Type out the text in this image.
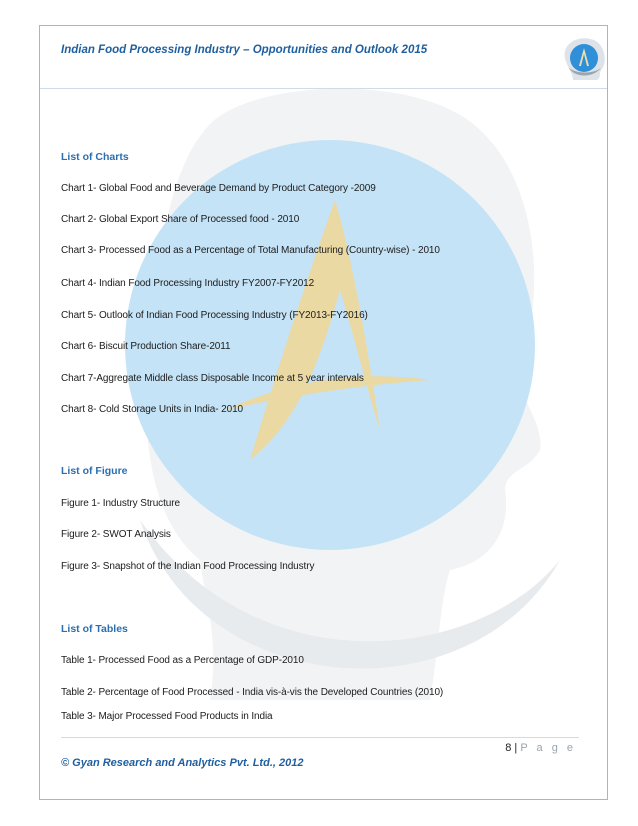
Indian Food Processing Industry – Opportunities and Outlook 2015
List of Charts
Chart 1- Global Food and Beverage Demand by Product Category -2009
Chart 2- Global Export Share of Processed food - 2010
Chart 3- Processed Food as a Percentage of Total Manufacturing (Country-wise) - 2010
Chart 4- Indian Food Processing Industry FY2007-FY2012
Chart 5- Outlook of Indian Food Processing Industry (FY2013-FY2016)
Chart 6- Biscuit Production Share-2011
Chart 7-Aggregate Middle class Disposable Income at 5 year intervals
Chart 8- Cold Storage Units in India- 2010
List of Figure
Figure 1- Industry Structure
Figure 2- SWOT Analysis
Figure 3- Snapshot of the Indian Food Processing Industry
List of Tables
Table 1- Processed Food as a Percentage of GDP-2010
Table 2- Percentage of Food Processed - India vis-à-vis the Developed Countries (2010)
Table 3- Major Processed Food Products in India
8 | P a g e
© Gyan Research and Analytics Pvt. Ltd., 2012
